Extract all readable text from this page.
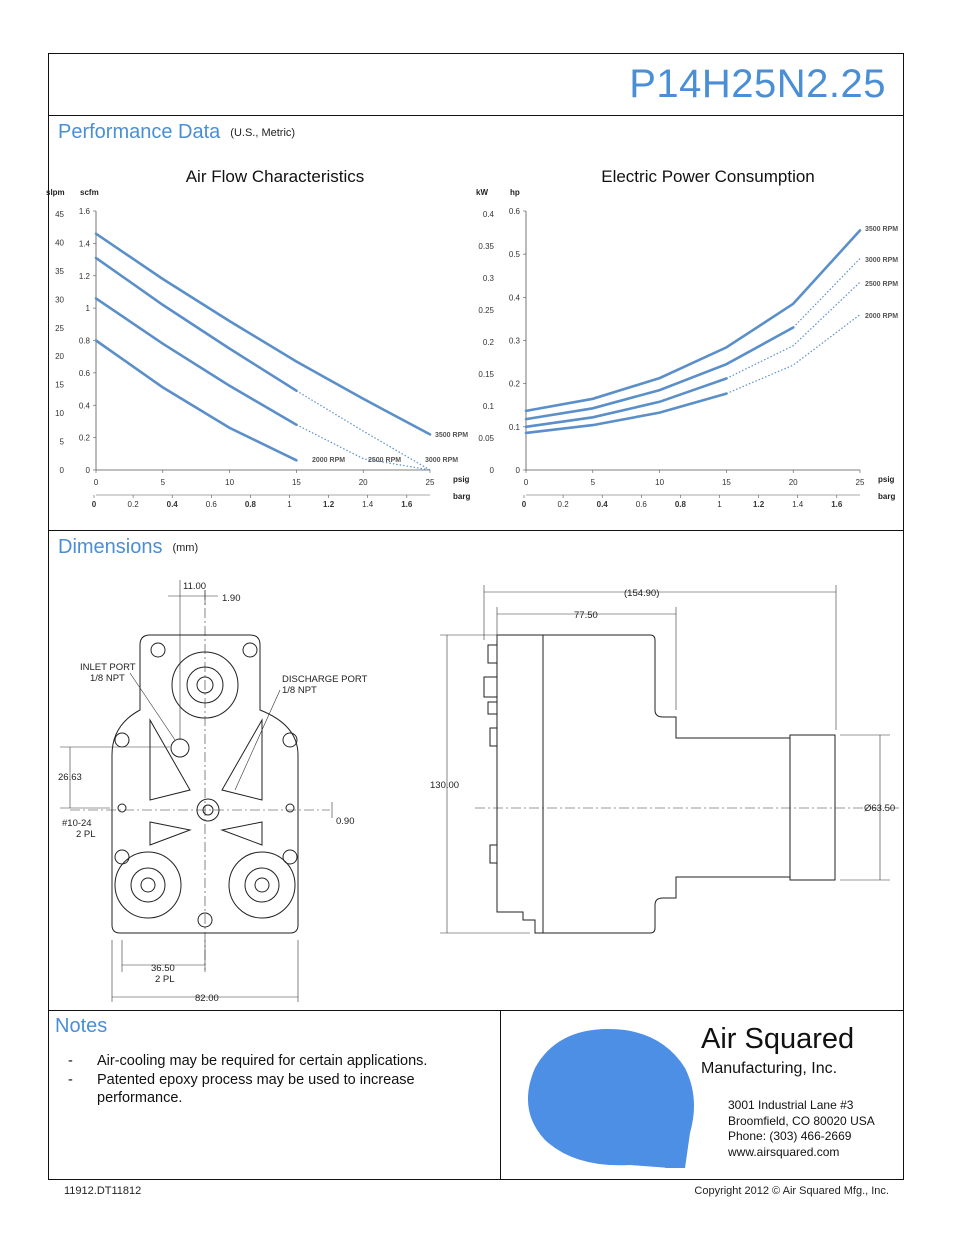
P14H25N2.25
Performance Data (U.S., Metric)
Air Flow Characteristics	Electric Power Consumption
0
0.2
0.4
0.6
0.8
1
1.2
1.4
1.6
0
5
10
15
20
25
30
35
40
45
0	5	10	15	20	25
0	0.2	0.4	0.6	0.8	1	1.2	1.4	1.6
slpm scfm
psig
barg
3500 RPM
3000 RPM
2500 RPM
2000 RPM
0
0.1
0.2
0.3
0.4
0.5
0.6
0
0.05
0.1
0.15
0.2
0.25
0.3
0.35
0.4
0	5	10	15	20	25
0	0.2	0.4	0.6	0.8	1	1.2	1.4	1.6
kW	hp
psig
barg
3500 RPM
3000 RPM
2500 RPM
2000 RPM
Dimensions (mm)
11.00
1.90
INLET PORT
1/8 NPT	DISCHARGE PORT
1/8 NPT
26.63
#10-24
2 PL
0.90
36.50
2 PL
82.00
(154.90)
77.50
130.00
Ø63.50
Notes
-	Air-cooling may be required for certain applications.
-	Patented epoxy process may be used to increase performance.
Air Squared
Manufacturing, Inc.
3001 Industrial Lane #3
Broomfield, CO 80020 USA
Phone: (303) 466-2669
www.airsquared.com
11912.DT11812	Copyright 2012 © Air Squared Mfg., Inc.
